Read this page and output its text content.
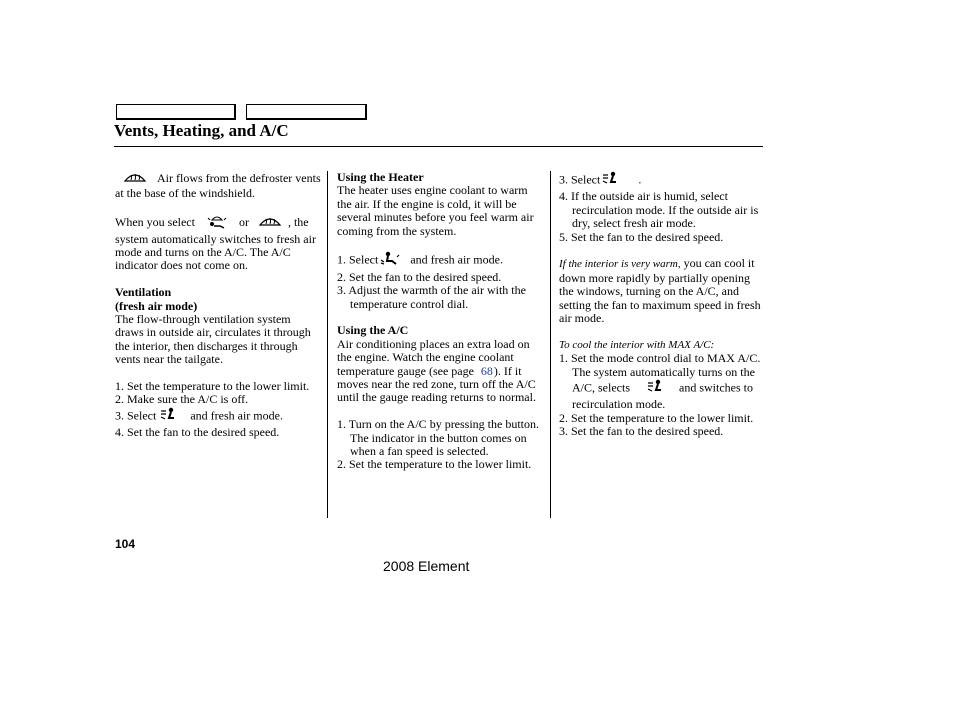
Vents, Heating, and A/C

Air flows from the defroster vents at the base of the windshield.

When you select	or	, the system automatically switches to fresh air mode and turns on the A/C. The A/C indicator does not come on.

Ventilation

(fresh air mode)

The flow-through ventilation system draws in outside air, circulates it through the interior, then discharges it through vents near the tailgate.

1. Set the temperature to the lower limit.

2. Make sure the A/C is off.

3. Select	and fresh air mode.

4. Set the fan to the desired speed.

Using the Heater

The heater uses engine coolant to warm the air. If the engine is cold, it will be several minutes before you feel warm air coming from the system.

1. Select	and fresh air mode.

2. Set the fan to the desired speed.

3. Adjust the warmth of the air with the temperature control dial.

Using the A/C

Air conditioning places an extra load on the engine. Watch the engine coolant temperature gauge (see page 68). If it moves near the red zone, turn off the A/C until the gauge reading returns to normal.

1. Turn on the A/C by pressing the button. The indicator in the button comes on when a fan speed is selected.

2. Set the temperature to the lower limit.

3. Select	.

4. If the outside air is humid, select recirculation mode. If the outside air is dry, select fresh air mode.

5. Set the fan to the desired speed.

If the interior is very warm, you can cool it down more rapidly by partially opening the windows, turning on the A/C, and setting the fan to maximum speed in fresh air mode.

To cool the interior with MAX A/C:

1. Set the mode control dial to MAX A/C.

The system automatically turns on the A/C, selects	and switches to recirculation mode.

2. Set the temperature to the lower limit.

3. Set the fan to the desired speed.

104
2008 Element
